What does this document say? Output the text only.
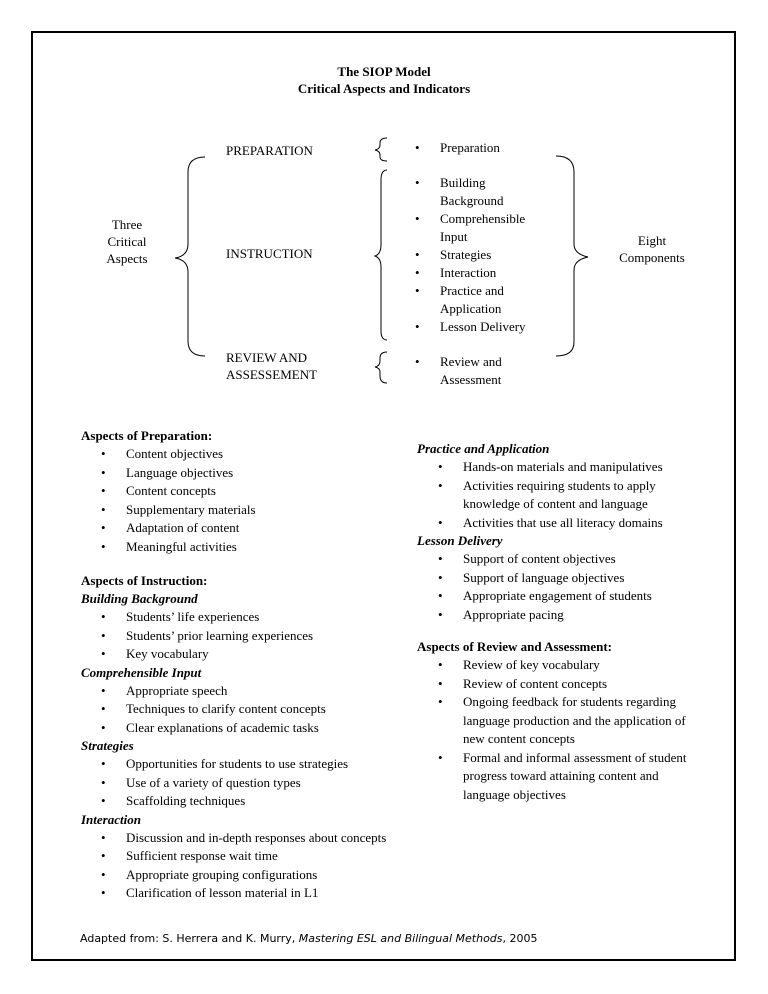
The SIOP Model
Critical Aspects and Indicators
Three
Critical
Aspects
PREPARATION
INSTRUCTION
REVIEW AND
ASSESSEMENT
Eight
Components
• Preparation
• Building Background
• Comprehensible Input
• Strategies
• Interaction
• Practice and Application
• Lesson Delivery
• Review and Assessment
Aspects of Preparation:
• Content objectives
• Language objectives
• Content concepts
• Supplementary materials
• Adaptation of content
• Meaningful activities
Aspects of Instruction:
Building Background
• Students’ life experiences
• Students’ prior learning experiences
• Key vocabulary
Comprehensible Input
• Appropriate speech
• Techniques to clarify content concepts
• Clear explanations of academic tasks
Strategies
• Opportunities for students to use strategies
• Use of a variety of question types
• Scaffolding techniques
Interaction
• Discussion and in-depth responses about concepts
• Sufficient response wait time
• Appropriate grouping configurations
• Clarification of lesson material in L1
Practice and Application
• Hands-on materials and manipulatives
• Activities requiring students to apply knowledge of content and language
• Activities that use all literacy domains
Lesson Delivery
• Support of content objectives
• Support of language objectives
• Appropriate engagement of students
• Appropriate pacing
Aspects of Review and Assessment:
• Review of key vocabulary
• Review of content concepts
• Ongoing feedback for students regarding language production and the application of new content concepts
• Formal and informal assessment of student progress toward attaining content and language objectives
Adapted from: S. Herrera and K. Murry, Mastering ESL and Bilingual Methods, 2005
